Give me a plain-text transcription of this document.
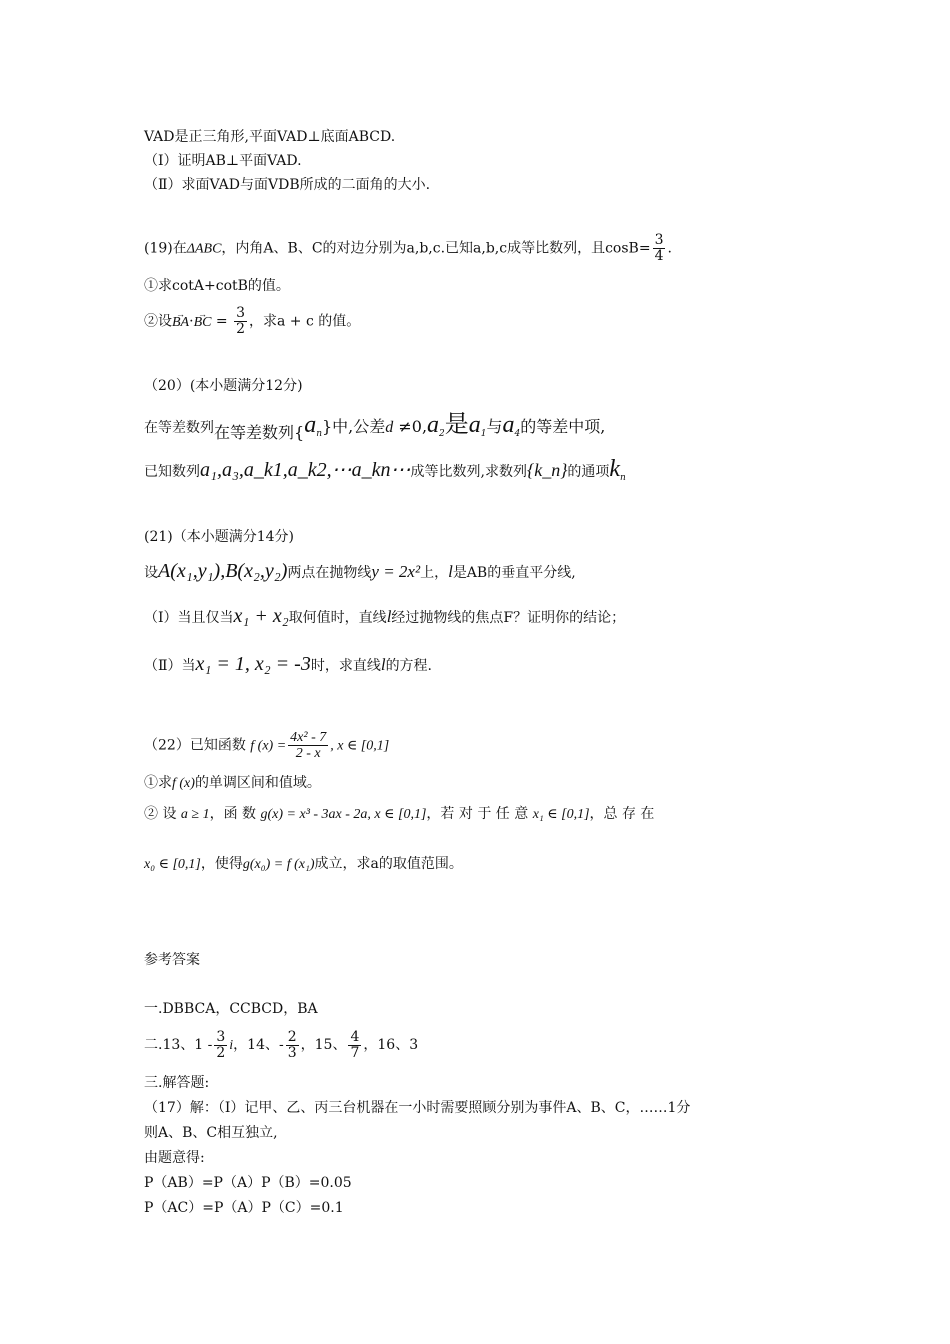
VAD是正三角形,平面VAD⊥底面ABCD.
（Ⅰ）证明AB⊥平面VAD.
（Ⅱ）求面VAD与面VDB所成的二面角的大小.
(19)在ΔABC，内角A、B、C的对边分别为a,b,c.已知a,b,c成等比数列，且$\cos B= \frac{3}{4}$ .
①求cotA+cotB的值。
②设→ BA·→ BC = $\frac{3}{2}$ ，求a + c 的值。
（20）(本小题满分12分)
在等差数列在等差数列$\{a_n\}$中,公差$d \ne 0,a_2$是$a_1$与$a_4$的等差中项,
已知数列a₁,a₃,a_k1,a_k2,⋯a_kn⋯成等比数列,求数列{k_n}的通项$k_n$
(21)（本小题满分14分)
设A(x₁,y₁),B(x₂,y₂)两点在抛物线y = 2x²上，l是AB的垂直平分线,
（Ⅰ）当且仅当x₁ + x₂取何值时，直线l经过抛物线的焦点F？证明你的结论；
（Ⅱ）当x₁ = 1, x₂ = -3时，求直线l的方程.
（22）已知函数 f $(x) = \frac{\text{4x² - 7}}{2 - x}$ , x ∈ [0,1]
①求f (x)的单调区间和值域。
② 设 a ≥ 1，函 数 g(x) = x³ - 3ax - 2a, x ∈ [0,1]，若 对 于 任 意 x₁ ∈ [0,1]，总 存 在
x₀ ∈ [0,1]，使得g(x₀) = f (x₁)成立，求a的取值范围。
参考答案
一.DBBCA，CCBCD，BA
二.13、$1 - \frac{3}{2}$ i，14、- $\frac{2}{3}$ ，15、 $\frac{4}{7}$ ，16、3
三.解答题:
（17）解：（Ⅰ）记甲、乙、丙三台机器在一小时需要照顾分别为事件A、B、C，……1分
则A、B、C相互独立,
由题意得:
P（AB）=P（A）P（B）=0.05
P（AC）=P（A）P（C）=0.1
